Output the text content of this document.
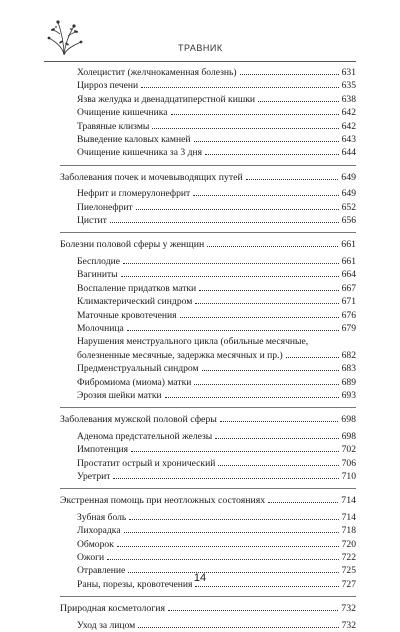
ТРАВНИК
Холецистит (желчнокаменная болезнь)	631
Цирроз печени	635
Язва желудка и двенадцатиперстной кишки	638
Очищение кишечника	642
Травяные клизмы	642
Выведение каловых камней	643
Очищение кишечника за 3 дня	644
Заболевания почек и мочевыводящих путей	649
Нефрит и гломерулонефрит	649
Пиелонефрит	652
Цистит	656
Болезни половой сферы у женщин	661
Бесплодие	661
Вагиниты	664
Воспаление придатков матки	667
Климактерический синдром	671
Маточные кровотечения	676
Молочница	679
Нарушения менструального цикла (обильные месячные,
болезненные месячные, задержка месячных и пр.)	682
Предменструальный синдром	683
Фибромиома (миома) матки	689
Эрозия шейки матки	693
Заболевания мужской половой сферы	698
Аденома предстательной железы	698
Импотенция	702
Простатит острый и хронический	706
Уретрит	710
Экстренная помощь при неотложных состояниях	714
Зубная боль	714
Лихорадка	718
Обморок	720
Ожоги	722
Отравление	725
Раны, порезы, кровотечения	727
Природная косметология	732
Уход за лицом	732
14
